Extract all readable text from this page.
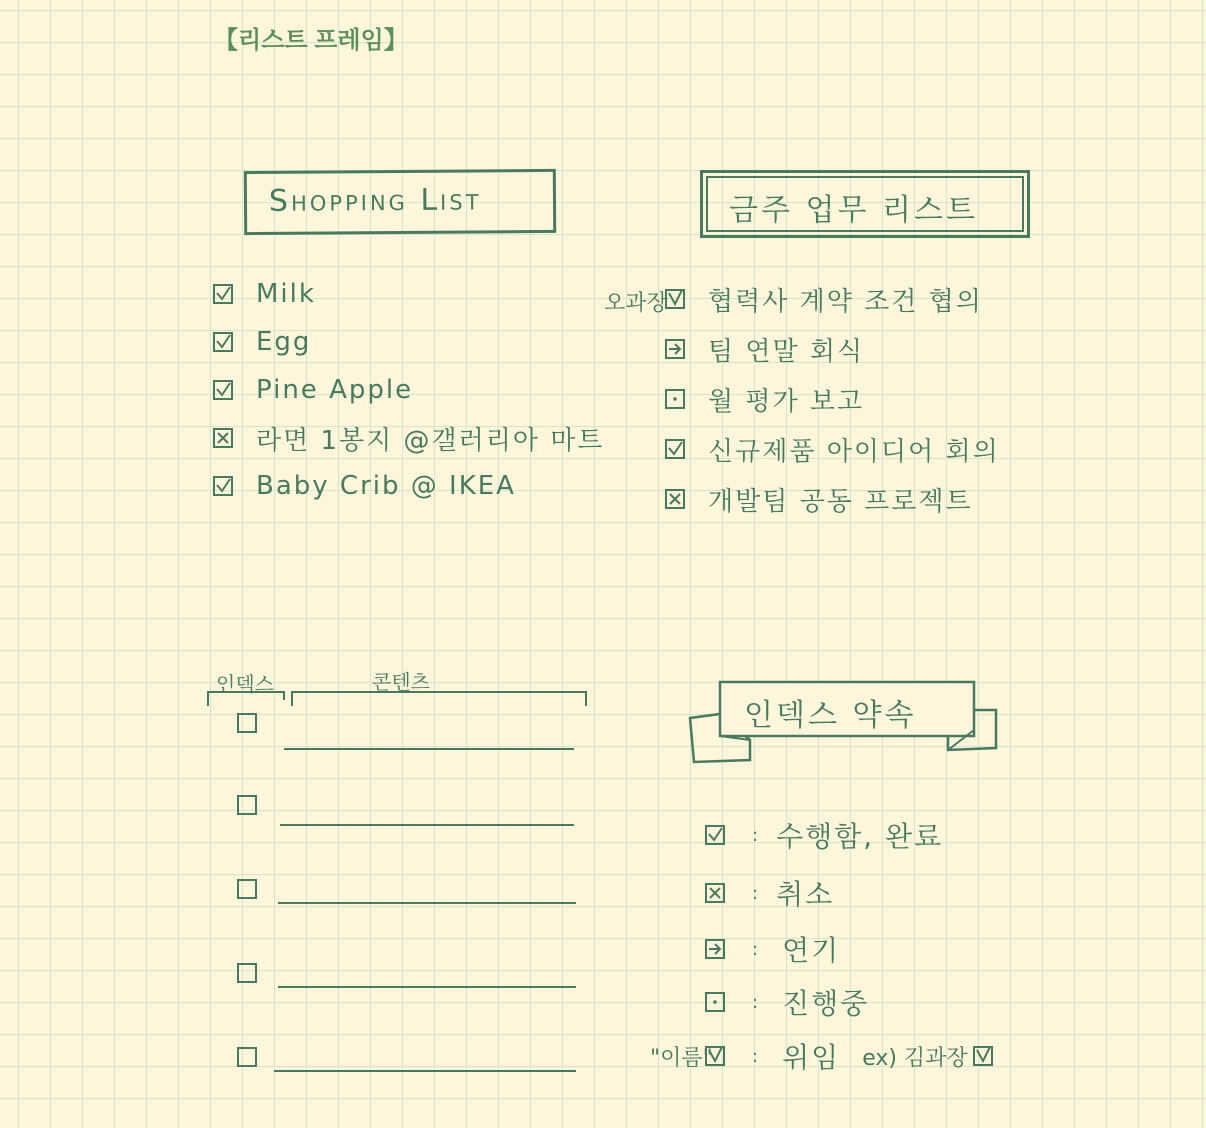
【리스트 프레임】
Shopping List
Milk
Egg
Pine Apple
라면 1봉지 @갤러리아 마트
Baby Crib @ IKEA
금주 업무 리스트
오과장 협력사 계약 조건 협의
팀 연말 회식
월 평가 보고
신규제품 아이디어 회의
개발팀 공동 프로젝트
인덱스	콘텐츠
인덱스 약속
: 수행함, 완료
: 취소
: 연기
: 진행중
"이름" : 위임 ex) 김과장
